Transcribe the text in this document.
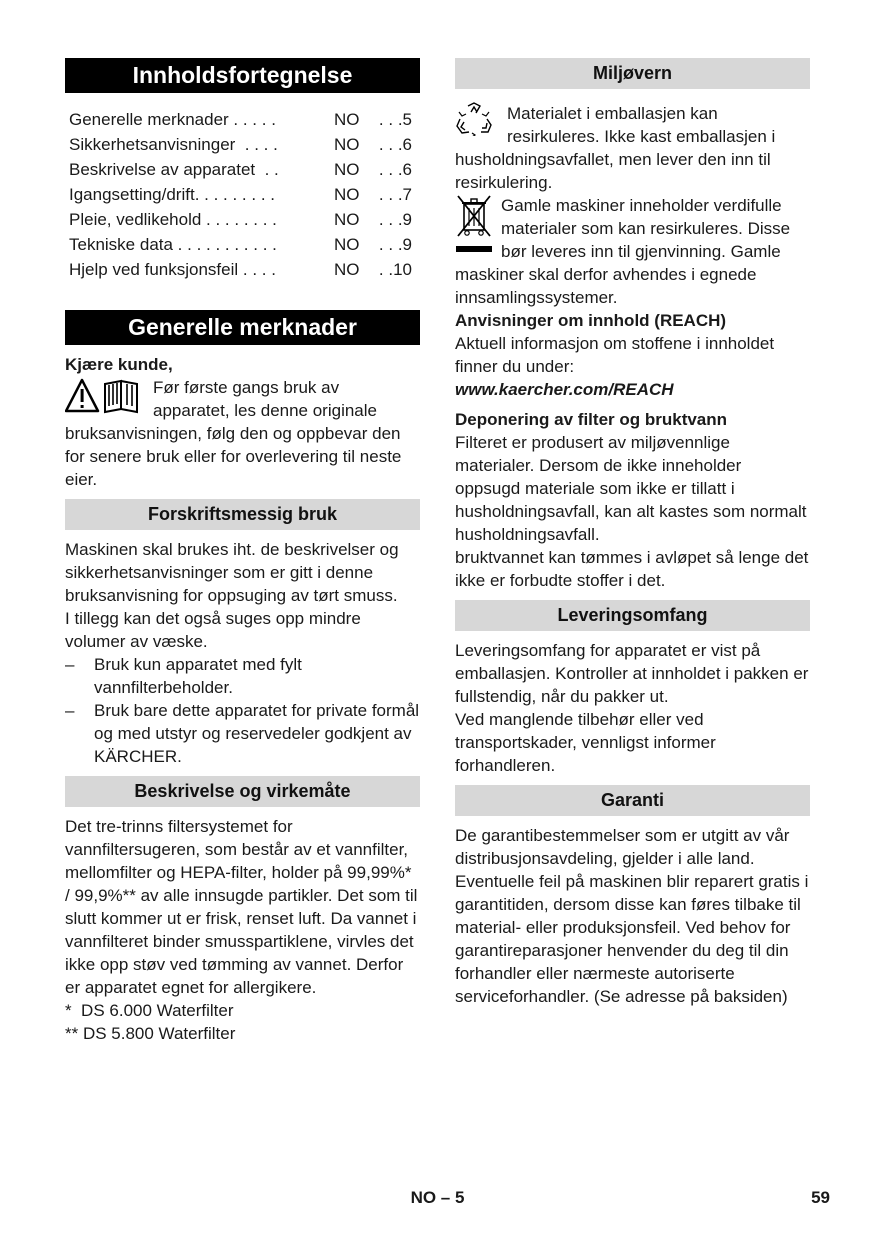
Innholdsfortegnelse
Generelle merknader . . . . .	NO . . .5
Sikkerhetsanvisninger  . . . .	NO . . .6
Beskrivelse av apparatet  . .	NO . . .6
Igangsetting/drift. . . . . . . . .	NO . . .7
Pleie, vedlikehold . . . . . . . .	NO . . .9
Tekniske data . . . . . . . . . . .	NO . . .9
Hjelp ved funksjonsfeil . . . .	NO . .10
Generelle merknader

Kjære kunde,

Før første gangs bruk av apparatet, les denne originale bruksanvisningen, følg den og oppbevar den for senere bruk eller for overlevering til neste eier.

Forskriftsmessig bruk

Maskinen skal brukes iht. de beskrivelser og sikkerhetsanvisninger som er gitt i denne bruksanvisning for oppsuging av tørt smuss.

I tillegg kan det også suges opp mindre volumer av væske.

– Bruk kun apparatet med fylt vannfilterbeholder.
– Bruk bare dette apparatet for private formål og med utstyr og reservedeler godkjent av KÄRCHER.
Beskrivelse og virkemåte

Det tre-trinns filtersystemet for vannfiltersugeren, som består av et vannfilter, mellomfilter og HEPA-filter, holder på 99,99%* / 99,9%** av alle innsugde partikler. Det som til slutt kommer ut er frisk, renset luft. Da vannet i vannfilteret binder smusspartiklene, virvles det ikke opp støv ved tømming av vannet. Derfor er apparatet egnet for allergikere.

*  DS 6.000 Waterfilter

** DS 5.800 Waterfilter

Miljøvern

Materialet i emballasjen kan resirkuleres. Ikke kast emballasjen i husholdningsavfallet, men lever den inn til resirkulering.

Gamle maskiner inneholder verdifulle materialer som kan resirkuleres. Disse bør leveres inn til gjenvinning. Gamle maskiner skal derfor avhendes i egnede innsamlingssystemer.

Anvisninger om innhold (REACH)

Aktuell informasjon om stoffene i innholdet finner du under:

www.kaercher.com/REACH

Deponering av filter og bruktvann

Filteret er produsert av miljøvennlige materialer. Dersom de ikke inneholder oppsugd materiale som ikke er tillatt i husholdningsavfall, kan alt kastes som normalt husholdningsavfall.

bruktvannet kan tømmes i avløpet så lenge det ikke er forbudte stoffer i det.

Leveringsomfang

Leveringsomfang for apparatet er vist på emballasjen. Kontroller at innholdet i pakken er fullstendig, når du pakker ut.

Ved manglende tilbehør eller ved transportskader, vennligst informer forhandleren.

Garanti

De garantibestemmelser som er utgitt av vår distribusjonsavdeling, gjelder i alle land. Eventuelle feil på maskinen blir reparert gratis i garantitiden, dersom disse kan føres tilbake til material- eller produksjonsfeil. Ved behov for garantireparasjoner henvender du deg til din forhandler eller nærmeste autoriserte serviceforhandler. (Se adresse på baksiden)

NO – 5	59
